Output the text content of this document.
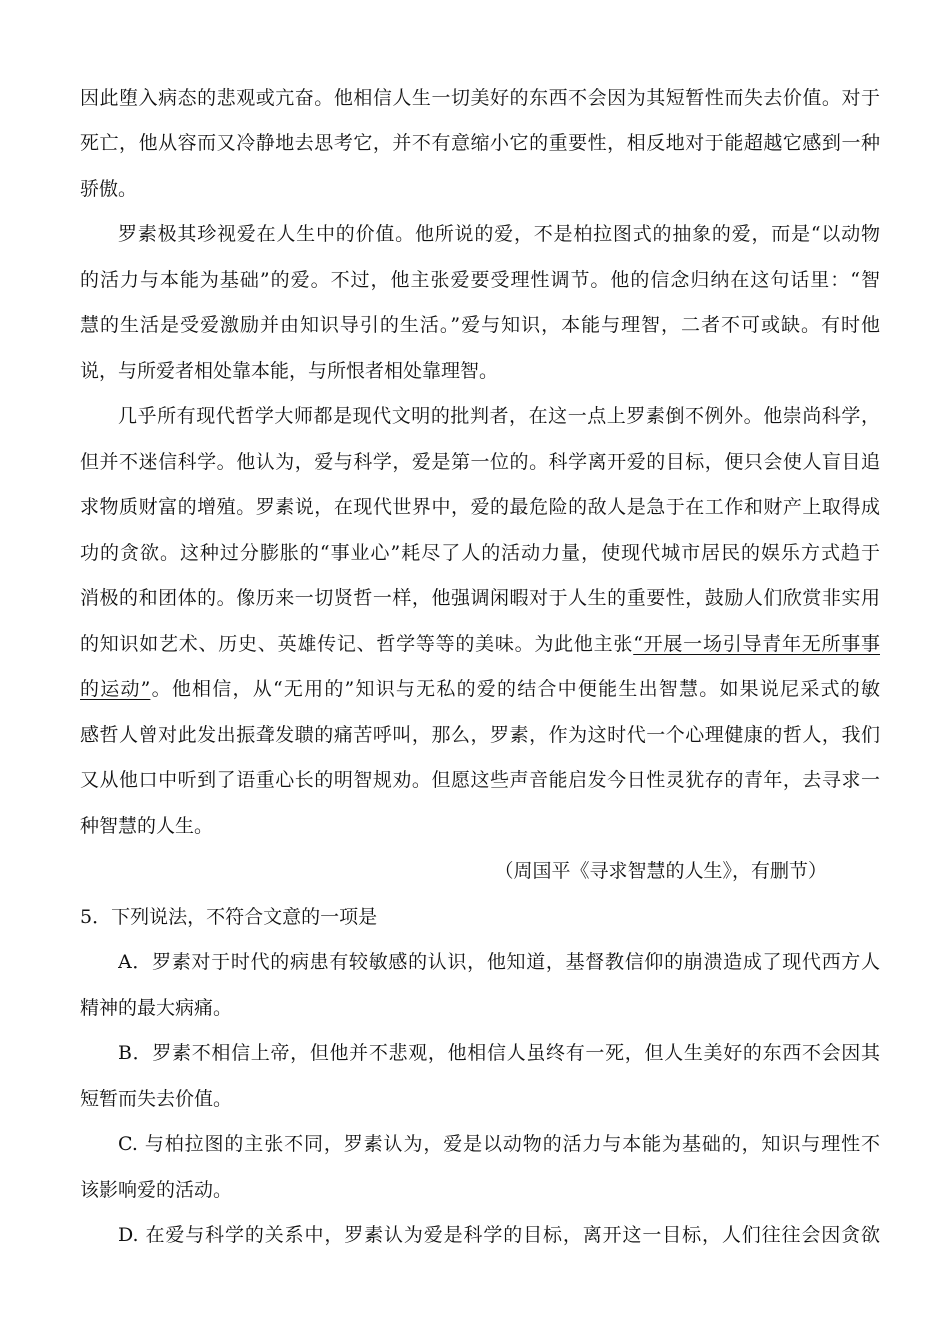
因此堕入病态的悲观或亢奋。他相信人生一切美好的东西不会因为其短暂性而失去价值。对于
死亡，他从容而又冷静地去思考它，并不有意缩小它的重要性，相反地对于能超越它感到一种
骄傲。
罗素极其珍视爱在人生中的价值。他所说的爱，不是柏拉图式的抽象的爱，而是“以动物
的活力与本能为基础”的爱。不过，他主张爱要受理性调节。他的信念归纳在这句话里：“智
慧的生活是受爱激励并由知识导引的生活。”爱与知识，本能与理智，二者不可或缺。有时他
说，与所爱者相处靠本能，与所恨者相处靠理智。
几乎所有现代哲学大师都是现代文明的批判者，在这一点上罗素倒不例外。他崇尚科学，
但并不迷信科学。他认为，爱与科学，爱是第一位的。科学离开爱的目标，便只会使人盲目追
求物质财富的增殖。罗素说，在现代世界中，爱的最危险的敌人是急于在工作和财产上取得成
功的贪欲。这种过分膨胀的“事业心”耗尽了人的活动力量，使现代城市居民的娱乐方式趋于
消极的和团体的。像历来一切贤哲一样，他强调闲暇对于人生的重要性，鼓励人们欣赏非实用
的知识如艺术、历史、英雄传记、哲学等等的美味。为此他主张“开展一场引导青年无所事事
的运动”。他相信，从“无用的”知识与无私的爱的结合中便能生出智慧。如果说尼采式的敏
感哲人曾对此发出振聋发聩的痛苦呼叫，那么，罗素，作为这时代一个心理健康的哲人，我们
又从他口中听到了语重心长的明智规劝。但愿这些声音能启发今日性灵犹存的青年，去寻求一
种智慧的人生。
（周国平《寻求智慧的人生》，有删节）
5．下列说法，不符合文意的一项是
A．罗素对于时代的病患有较敏感的认识，他知道，基督教信仰的崩溃造成了现代西方人
精神的最大病痛。
B．罗素不相信上帝，但他并不悲观，他相信人虽终有一死，但人生美好的东西不会因其
短暂而失去价值。
C. 与柏拉图的主张不同，罗素认为，爱是以动物的活力与本能为基础的，知识与理性不
该影响爱的活动。
D. 在爱与科学的关系中，罗素认为爱是科学的目标，离开这一目标，人们往往会因贪欲
